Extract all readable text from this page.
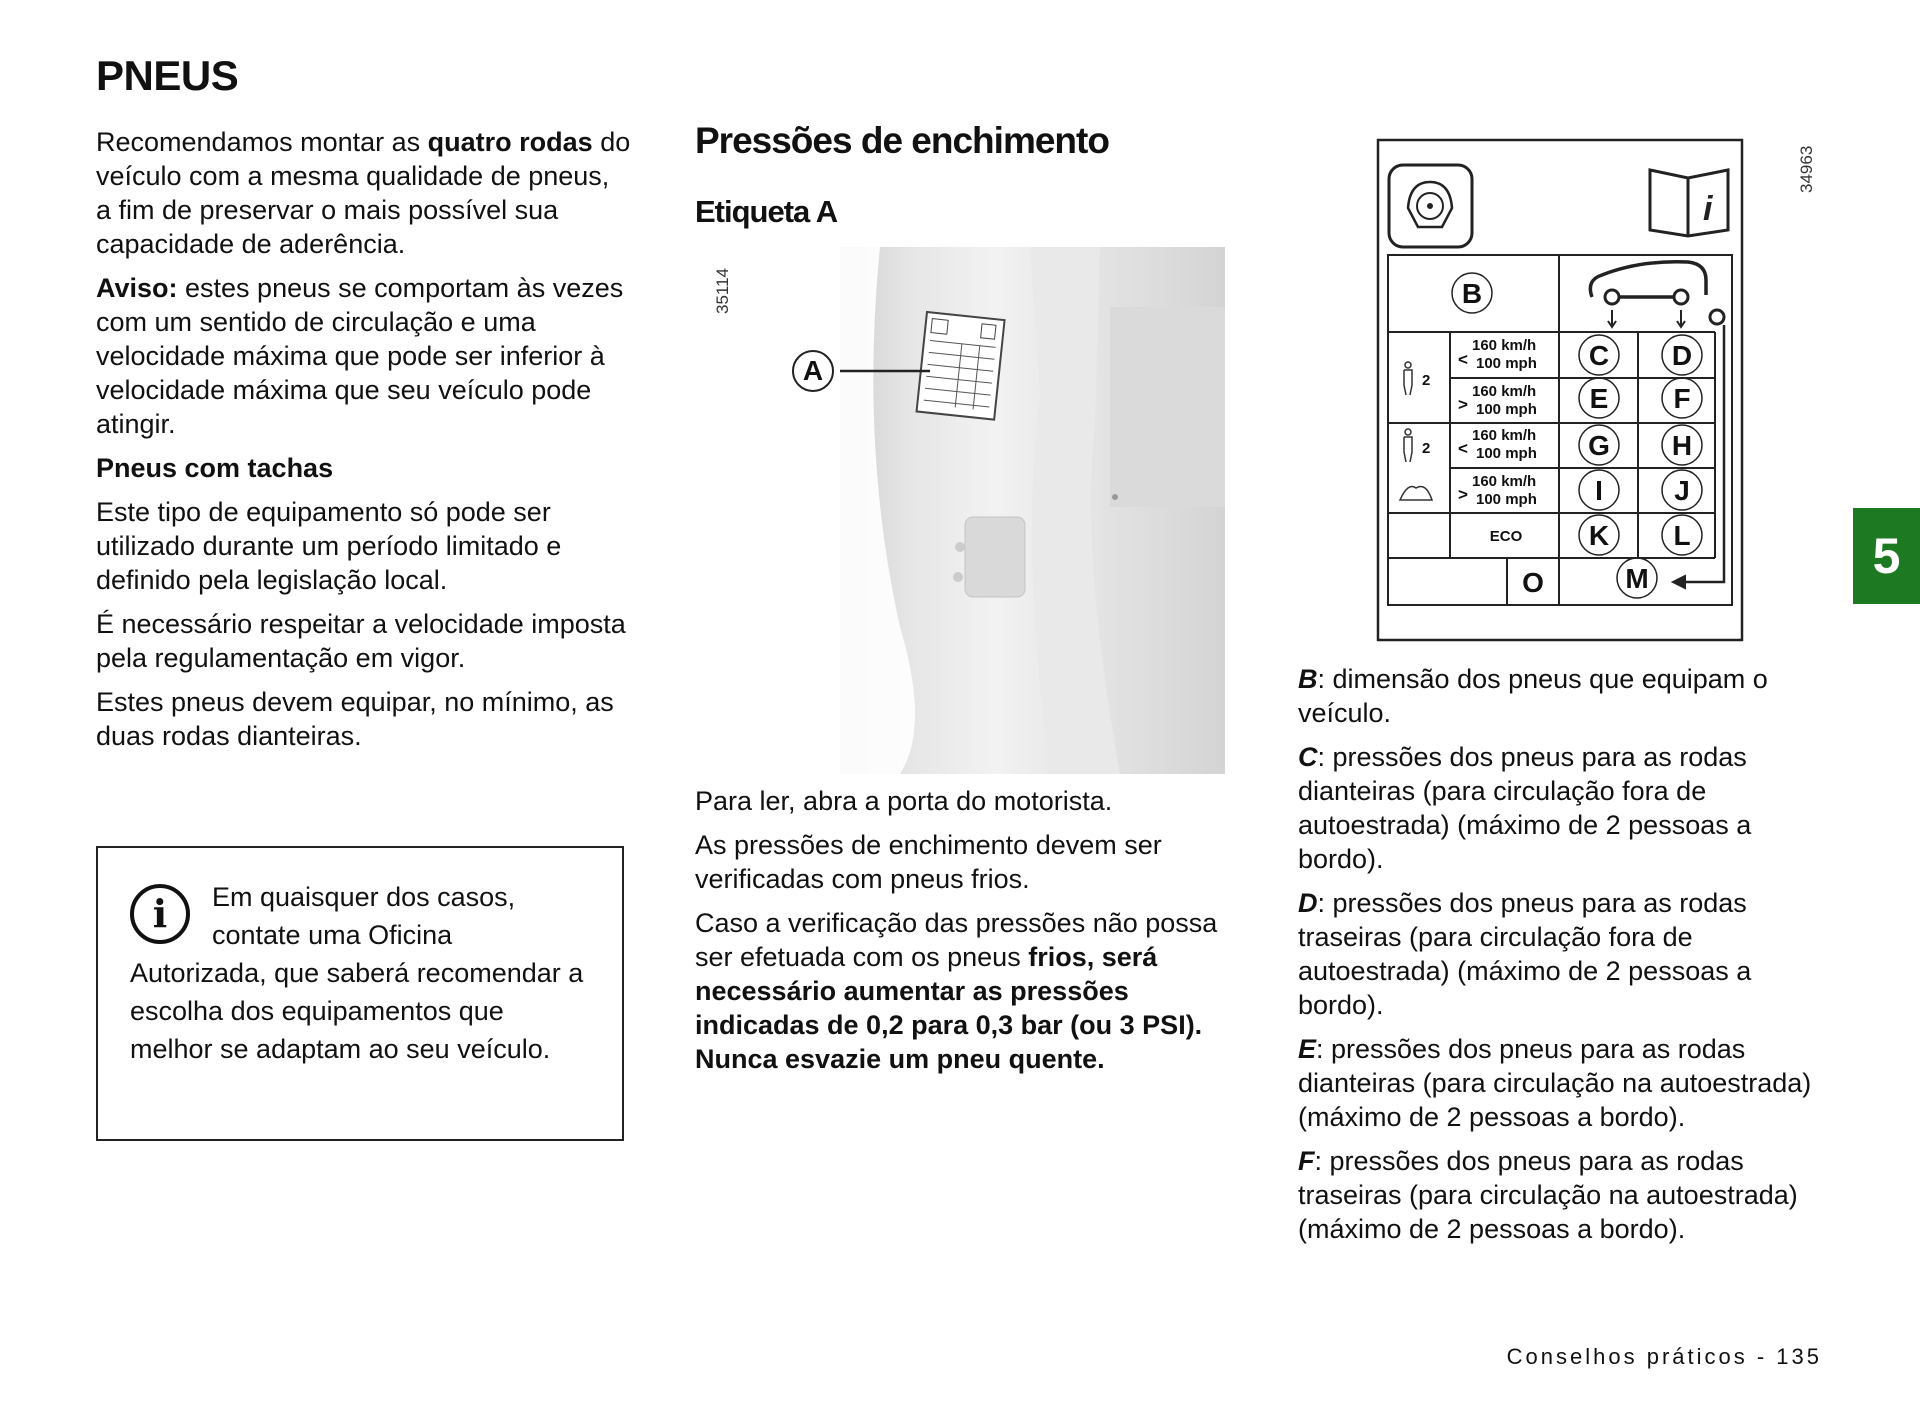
PNEUS

Recomendamos montar as quatro rodas do veículo com a mesma qualidade de pneus, a fim de preservar o mais possível sua capacidade de aderência.

Aviso: estes pneus se comportam às vezes com um sentido de circulação e uma velocidade máxima que pode ser inferior à velocidade máxima que seu veículo pode atingir.

Pneus com tachas

Este tipo de equipamento só pode ser utilizado durante um período limitado e definido pela legislação local.

É necessário respeitar a velocidade imposta pela regulamentação em vigor.

Estes pneus devem equipar, no mínimo, as duas rodas dianteiras.

i	Em quaisquer dos casos, contate uma Oficina Autorizada, que saberá recomendar a escolha dos equipamentos que melhor se adaptam ao seu veículo.
Pressões de enchimento
Etiqueta A
35114
A

Para ler, abra a porta do motorista.

As pressões de enchimento devem ser verificadas com pneus frios.

Caso a verificação das pressões não possa ser efetuada com os pneus frios, será necessário aumentar as pressões indicadas de 0,2 para 0,3 bar (ou 3 PSI). Nunca esvazie um pneu quente.

i
34963
B
C D
E F
G H
I	J
K L
M
O
<
160 km/h
100 mph
>
160 km/h
100 mph
<
160 km/h
100 mph
>
160 km/h
100 mph
ECO
2
2

B: dimensão dos pneus que equipam o veículo.

C: pressões dos pneus para as rodas dianteiras (para circulação fora de autoestrada) (máximo de 2 pessoas a bordo).

D: pressões dos pneus para as rodas traseiras (para circulação fora de autoestrada) (máximo de 2 pessoas a bordo).

E: pressões dos pneus para as rodas dianteiras (para circulação na autoestrada) (máximo de 2 pessoas a bordo).

F: pressões dos pneus para as rodas traseiras (para circulação na autoestrada) (máximo de 2 pessoas a bordo).

5
Conselhos práticos - 135
